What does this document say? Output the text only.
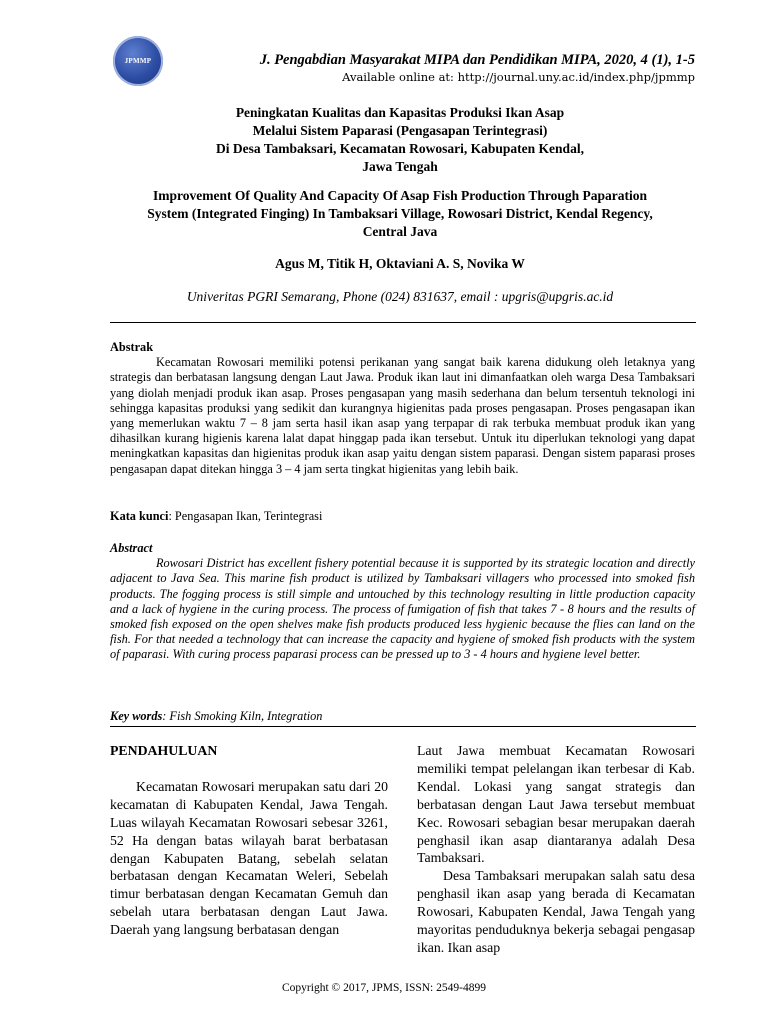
JPMMP	J. Pengabdian Masyarakat MIPA dan Pendidikan MIPA, 2020, 4 (1), 1-5
Available online at: http://journal.uny.ac.id/index.php/jpmmp
Peningkatan Kualitas dan Kapasitas Produksi Ikan Asap
Melalui Sistem Paparasi (Pengasapan Terintegrasi)
Di Desa Tambaksari, Kecamatan Rowosari, Kabupaten Kendal,
Jawa Tengah
Improvement Of Quality And Capacity Of Asap Fish Production Through Paparation
System (Integrated Finging) In Tambaksari Village, Rowosari District, Kendal Regency,
Central Java
Agus M, Titik H, Oktaviani A. S, Novika W
Univeritas PGRI Semarang, Phone (024) 831637, email : upgris@upgris.ac.id
Abstrak
Kecamatan Rowosari memiliki potensi perikanan yang sangat baik karena didukung oleh letaknya yang strategis dan berbatasan langsung dengan Laut Jawa. Produk ikan laut ini dimanfaatkan oleh warga Desa Tambaksari yang diolah menjadi produk ikan asap. Proses pengasapan yang masih sederhana dan belum tersentuh teknologi ini sehingga kapasitas produksi yang sedikit dan kurangnya higienitas pada proses pengasapan. Proses pengasapan ikan yang memerlukan waktu 7 – 8 jam serta hasil ikan asap yang terpapar di rak terbuka membuat produk ikan yang dihasilkan kurang higienis karena lalat dapat hinggap pada ikan tersebut. Untuk itu diperlukan teknologi yang dapat meningkatkan kapasitas dan higienitas produk ikan asap yaitu dengan sistem paparasi. Dengan sistem paparasi proses pengasapan dapat ditekan hingga 3 – 4 jam serta tingkat higienitas yang lebih baik.
Kata kunci: Pengasapan Ikan, Terintegrasi
Abstract
Rowosari District has excellent fishery potential because it is supported by its strategic location and directly adjacent to Java Sea. This marine fish product is utilized by Tambaksari villagers who processed into smoked fish products. The fogging process is still simple and untouched by this technology resulting in little production capacity and a lack of hygiene in the curing process. The process of fumigation of fish that takes 7 - 8 hours and the results of smoked fish exposed on the open shelves make fish products produced less hygienic because the flies can land on the fish. For that needed a technology that can increase the capacity and hygiene of smoked fish products with the system of paparasi. With curing process paparasi process can be pressed up to 3 - 4 hours and hygiene level better.
Key words: Fish Smoking Kiln, Integration
PENDAHULUAN

Kecamatan Rowosari merupakan satu dari 20 kecamatan di Kabupaten Kendal, Jawa Tengah. Luas wilayah Kecamatan Rowosari sebesar 3261, 52 Ha dengan batas wilayah barat berbatasan dengan Kabupaten Batang, sebelah selatan berbatasan dengan Kecamatan Weleri, Sebelah timur berbatasan dengan Kecamatan Gemuh dan sebelah utara berbatasan dengan Laut Jawa. Daerah yang langsung berbatasan dengan

Laut Jawa membuat Kecamatan Rowosari memiliki tempat pelelangan ikan terbesar di Kab. Kendal. Lokasi yang sangat strategis dan berbatasan dengan Laut Jawa tersebut membuat Kec. Rowosari sebagian besar merupakan daerah penghasil ikan asap diantaranya adalah Desa Tambaksari.

Desa Tambaksari merupakan salah satu desa penghasil ikan asap yang berada di Kecamatan Rowosari, Kabupaten Kendal, Jawa Tengah yang mayoritas penduduknya bekerja sebagai pengasap ikan. Ikan asap

Copyright © 2017, JPMS, ISSN: 2549-4899
